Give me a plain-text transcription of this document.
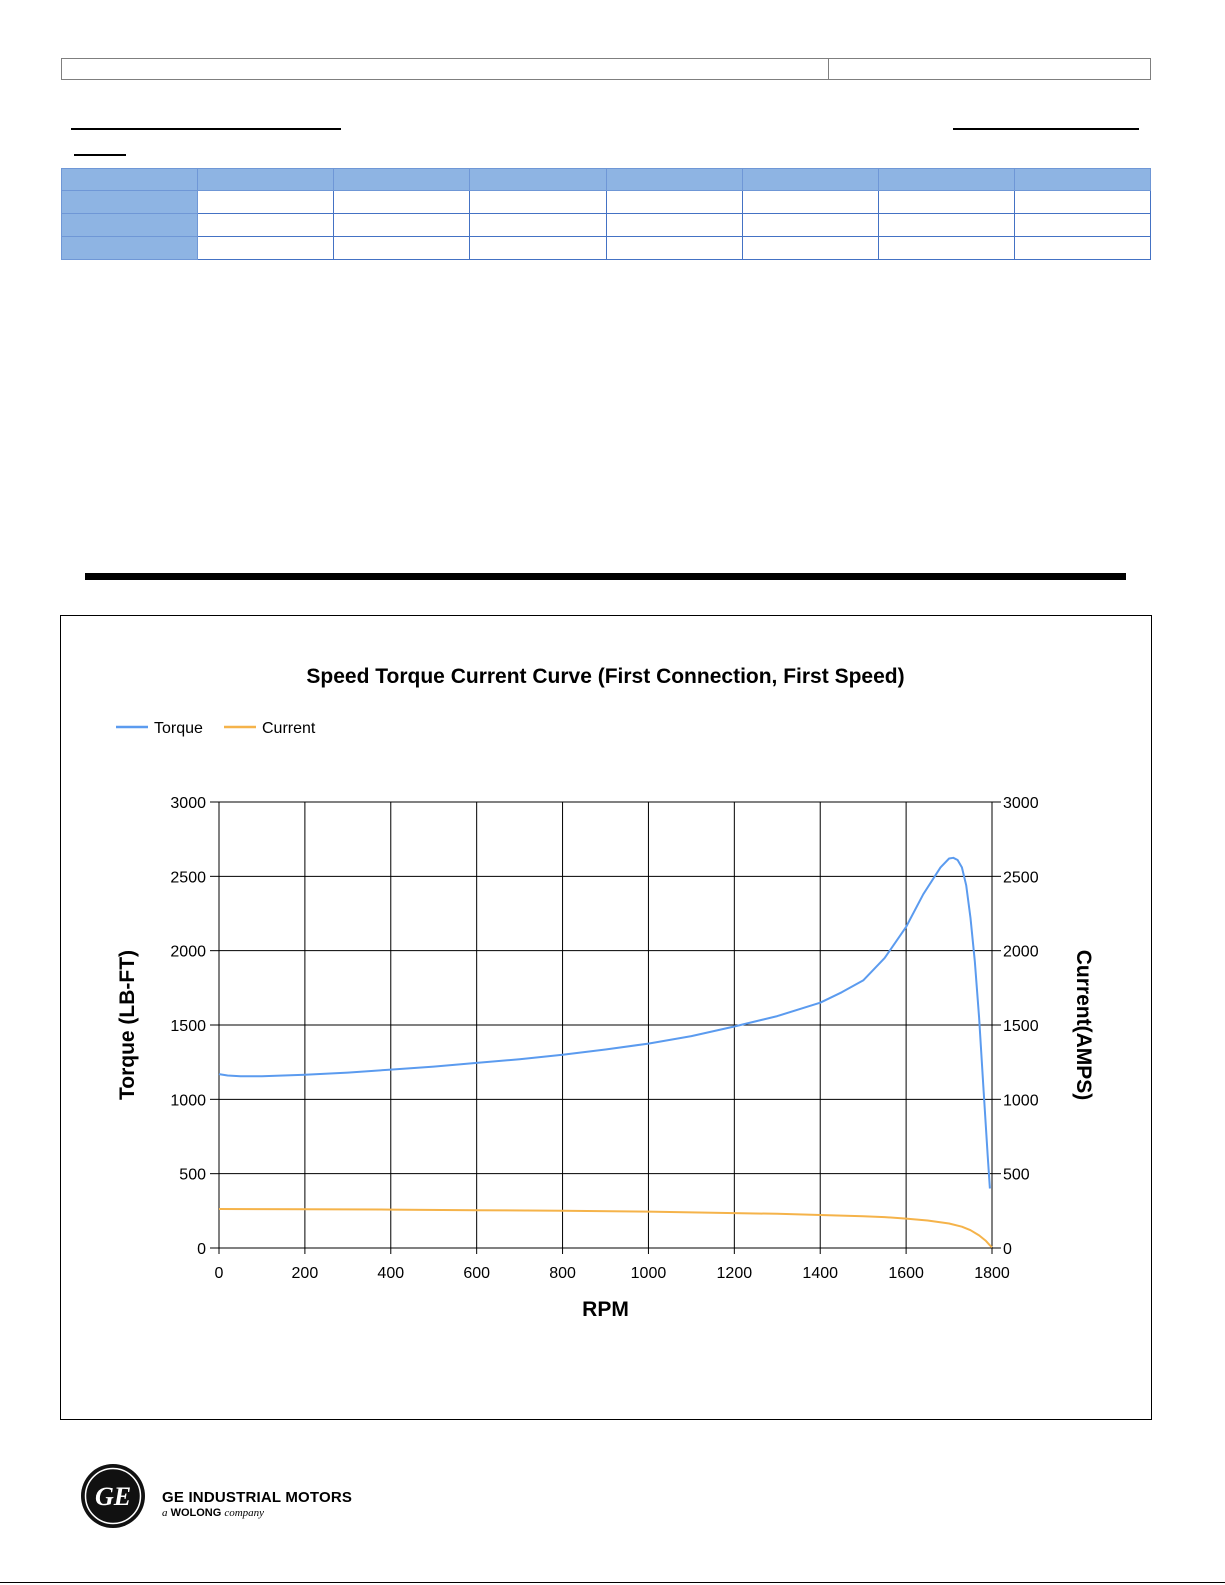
0	200	400	600	800	1000	1200	1400	1600	1800
0
500
1000
1500
2000
2500
3000
0
500
1000
1500
2000
2500
3000
Speed Torque Current Curve (First Connection, First Speed)
Torque	Current
RPM
Torque (LB-FT)	Current(AMPS)
GE GE INDUSTRIAL MOTORS
a WOLONG company
